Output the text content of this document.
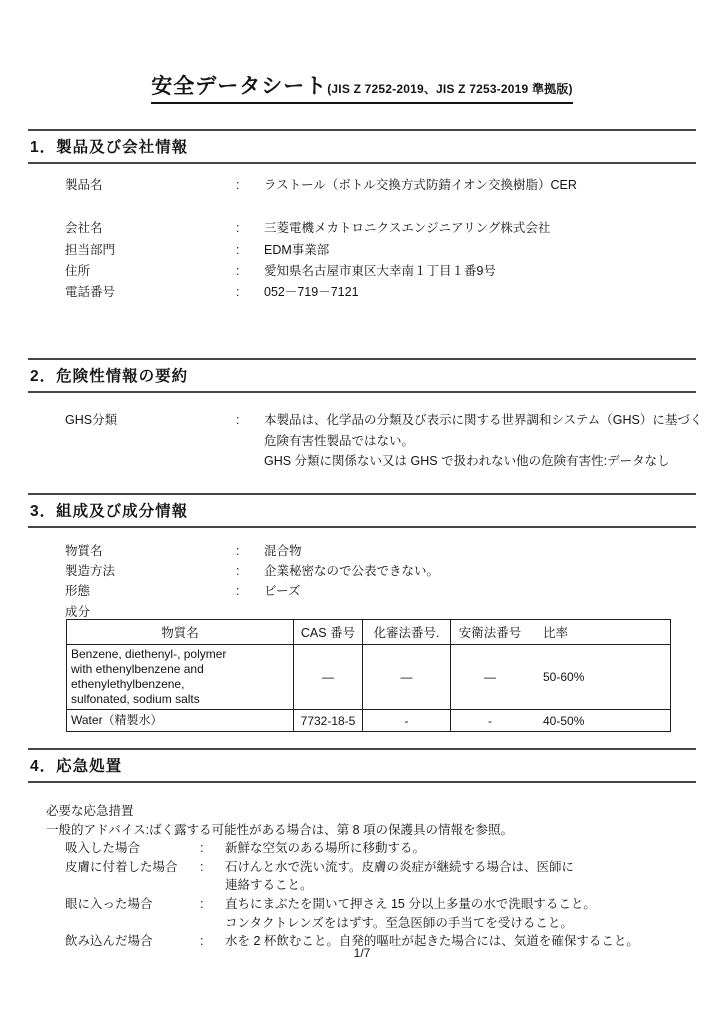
安全データシート(JIS Z 7252-2019、JIS Z 7253-2019 準拠版)
1．製品及び会社情報
製品名	:	ラストール（ボトル交換方式防錆イオン交換樹脂）CER
会社名	:	三菱電機メカトロニクスエンジニアリング株式会社
担当部門	:	EDM事業部
住所	:	愛知県名古屋市東区大幸南１丁目１番9号
電話番号	:	052－719－7121
2．危険性情報の要約
GHS分類	:	本製品は、化学品の分類及び表示に関する世界調和システム（GHS）に基づく
危険有害性製品ではない。
GHS 分類に関係ない又は GHS で扱われない他の危険有害性:データなし
3．組成及び成分情報
物質名	:	混合物
製造方法	:	企業秘密なので公表できない。
形態	:	ビーズ
成分
物質名	CAS 番号	化審法番号.	安衛法番号 比率

Benzene, diethenyl-, polymer
with ethenylbenzene and
ethenylethylbenzene,
sulfonated, sodium salts
	―	―	―	50-60%

Water（精製水）	7732-18-5	-	- 40-50%
4．応急処置
必要な応急措置
一般的アドバイス:ばく露する可能性がある場合は、第 8 項の保護具の情報を参照。
吸入した場合	:	新鮮な空気のある場所に移動する。
皮膚に付着した場合	:	石けんと水で洗い流す。皮膚の炎症が継続する場合は、医師に
連絡すること。
眼に入った場合	:	直ちにまぶたを開いて押さえ 15 分以上多量の水で洗眼すること。
コンタクトレンズをはずす。至急医師の手当てを受けること。
飲み込んだ場合	:	水を 2 杯飲むこと。自発的嘔吐が起きた場合には、気道を確保すること。
1/7
